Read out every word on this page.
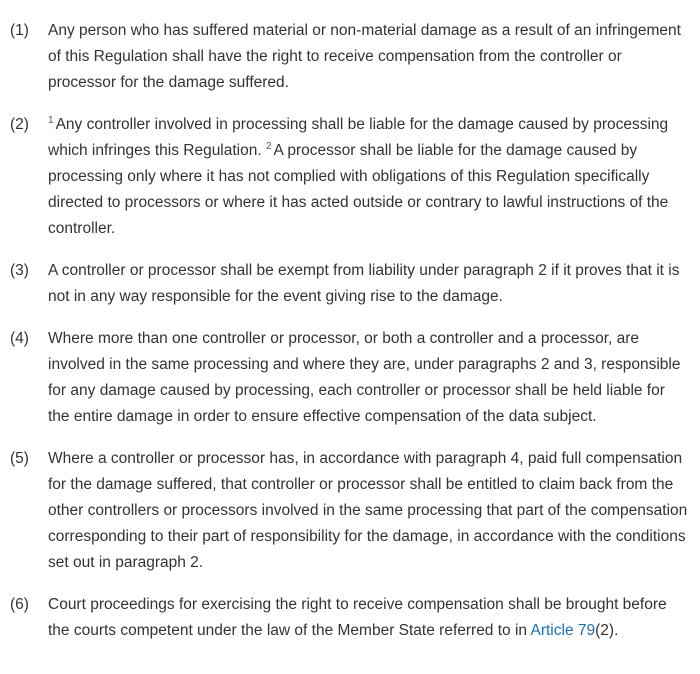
(1)	Any person who has suffered material or non-material damage as a result of an infringement of this Regulation shall have the right to receive compensation from the controller or processor for the damage suffered.
(2)	$^1$ Any controller involved in processing shall be liable for the damage caused by processing which infringes this Regulation. $^2$ A processor shall be liable for the damage caused by processing only where it has not complied with obligations of this Regulation specifically directed to processors or where it has acted outside or contrary to lawful instructions of the controller.
(3)	A controller or processor shall be exempt from liability under paragraph 2 if it proves that it is not in any way responsible for the event giving rise to the damage.
(4)	Where more than one controller or processor, or both a controller and a processor, are involved in the same processing and where they are, under paragraphs 2 and 3, responsible for any damage caused by processing, each controller or processor shall be held liable for the entire damage in order to ensure effective compensation of the data subject.
(5)	Where a controller or processor has, in accordance with paragraph 4, paid full compensation for the damage suffered, that controller or processor shall be entitled to claim back from the other controllers or processors involved in the same processing that part of the compensation corresponding to their part of responsibility for the damage, in accordance with the conditions set out in paragraph 2.
(6)	Court proceedings for exercising the right to receive compensation shall be brought before the courts competent under the law of the Member State referred to in Article 79(2).
